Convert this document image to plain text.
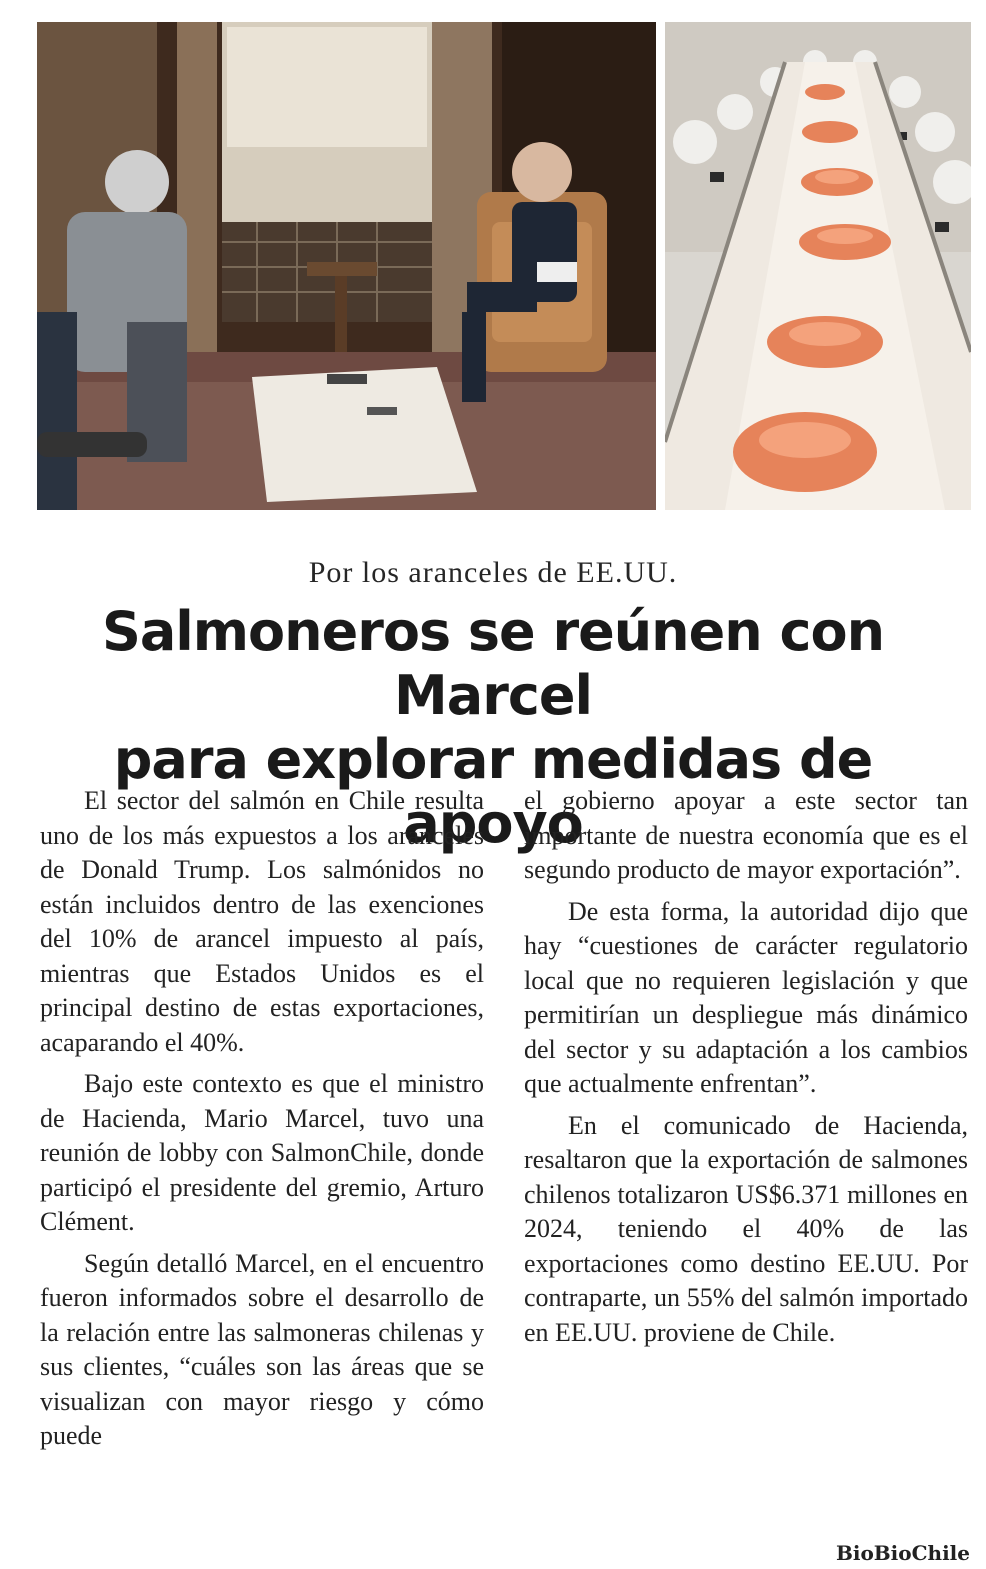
Por los aranceles de EE.UU.
Salmoneros se reúnen con Marcel
para explorar medidas de apoyo

El sector del salmón en Chile resulta uno de los más expuestos a los aranceles de Donald Trump. Los salmónidos no están incluidos dentro de las exenciones del 10% de arancel impuesto al país, mientras que Estados Unidos es el principal destino de estas exportaciones, acaparando el 40%.

Bajo este contexto es que el ministro de Hacienda, Mario Marcel, tuvo una reunión de lobby con SalmonChile, donde participó el presidente del gremio, Arturo Clément.

Según detalló Marcel, en el encuentro fueron informados sobre el desarrollo de la relación entre las salmoneras chilenas y sus clientes, “cuáles son las áreas que se visualizan con mayor riesgo y cómo puede

el gobierno apoyar a este sector tan importante de nuestra economía que es el segundo producto de mayor exportación”.

De esta forma, la autoridad dijo que hay “cuestiones de carácter regulatorio local que no requieren legislación y que permitirían un despliegue más dinámico del sector y su adaptación a los cambios que actualmente enfrentan”.

En el comunicado de Hacienda, resaltaron que la exportación de salmones chilenos totalizaron US$6.371 millones en 2024, teniendo el 40% de las exportaciones como destino EE.UU. Por contraparte, un 55% del salmón importado en EE.UU. proviene de Chile.

BioBioChile
